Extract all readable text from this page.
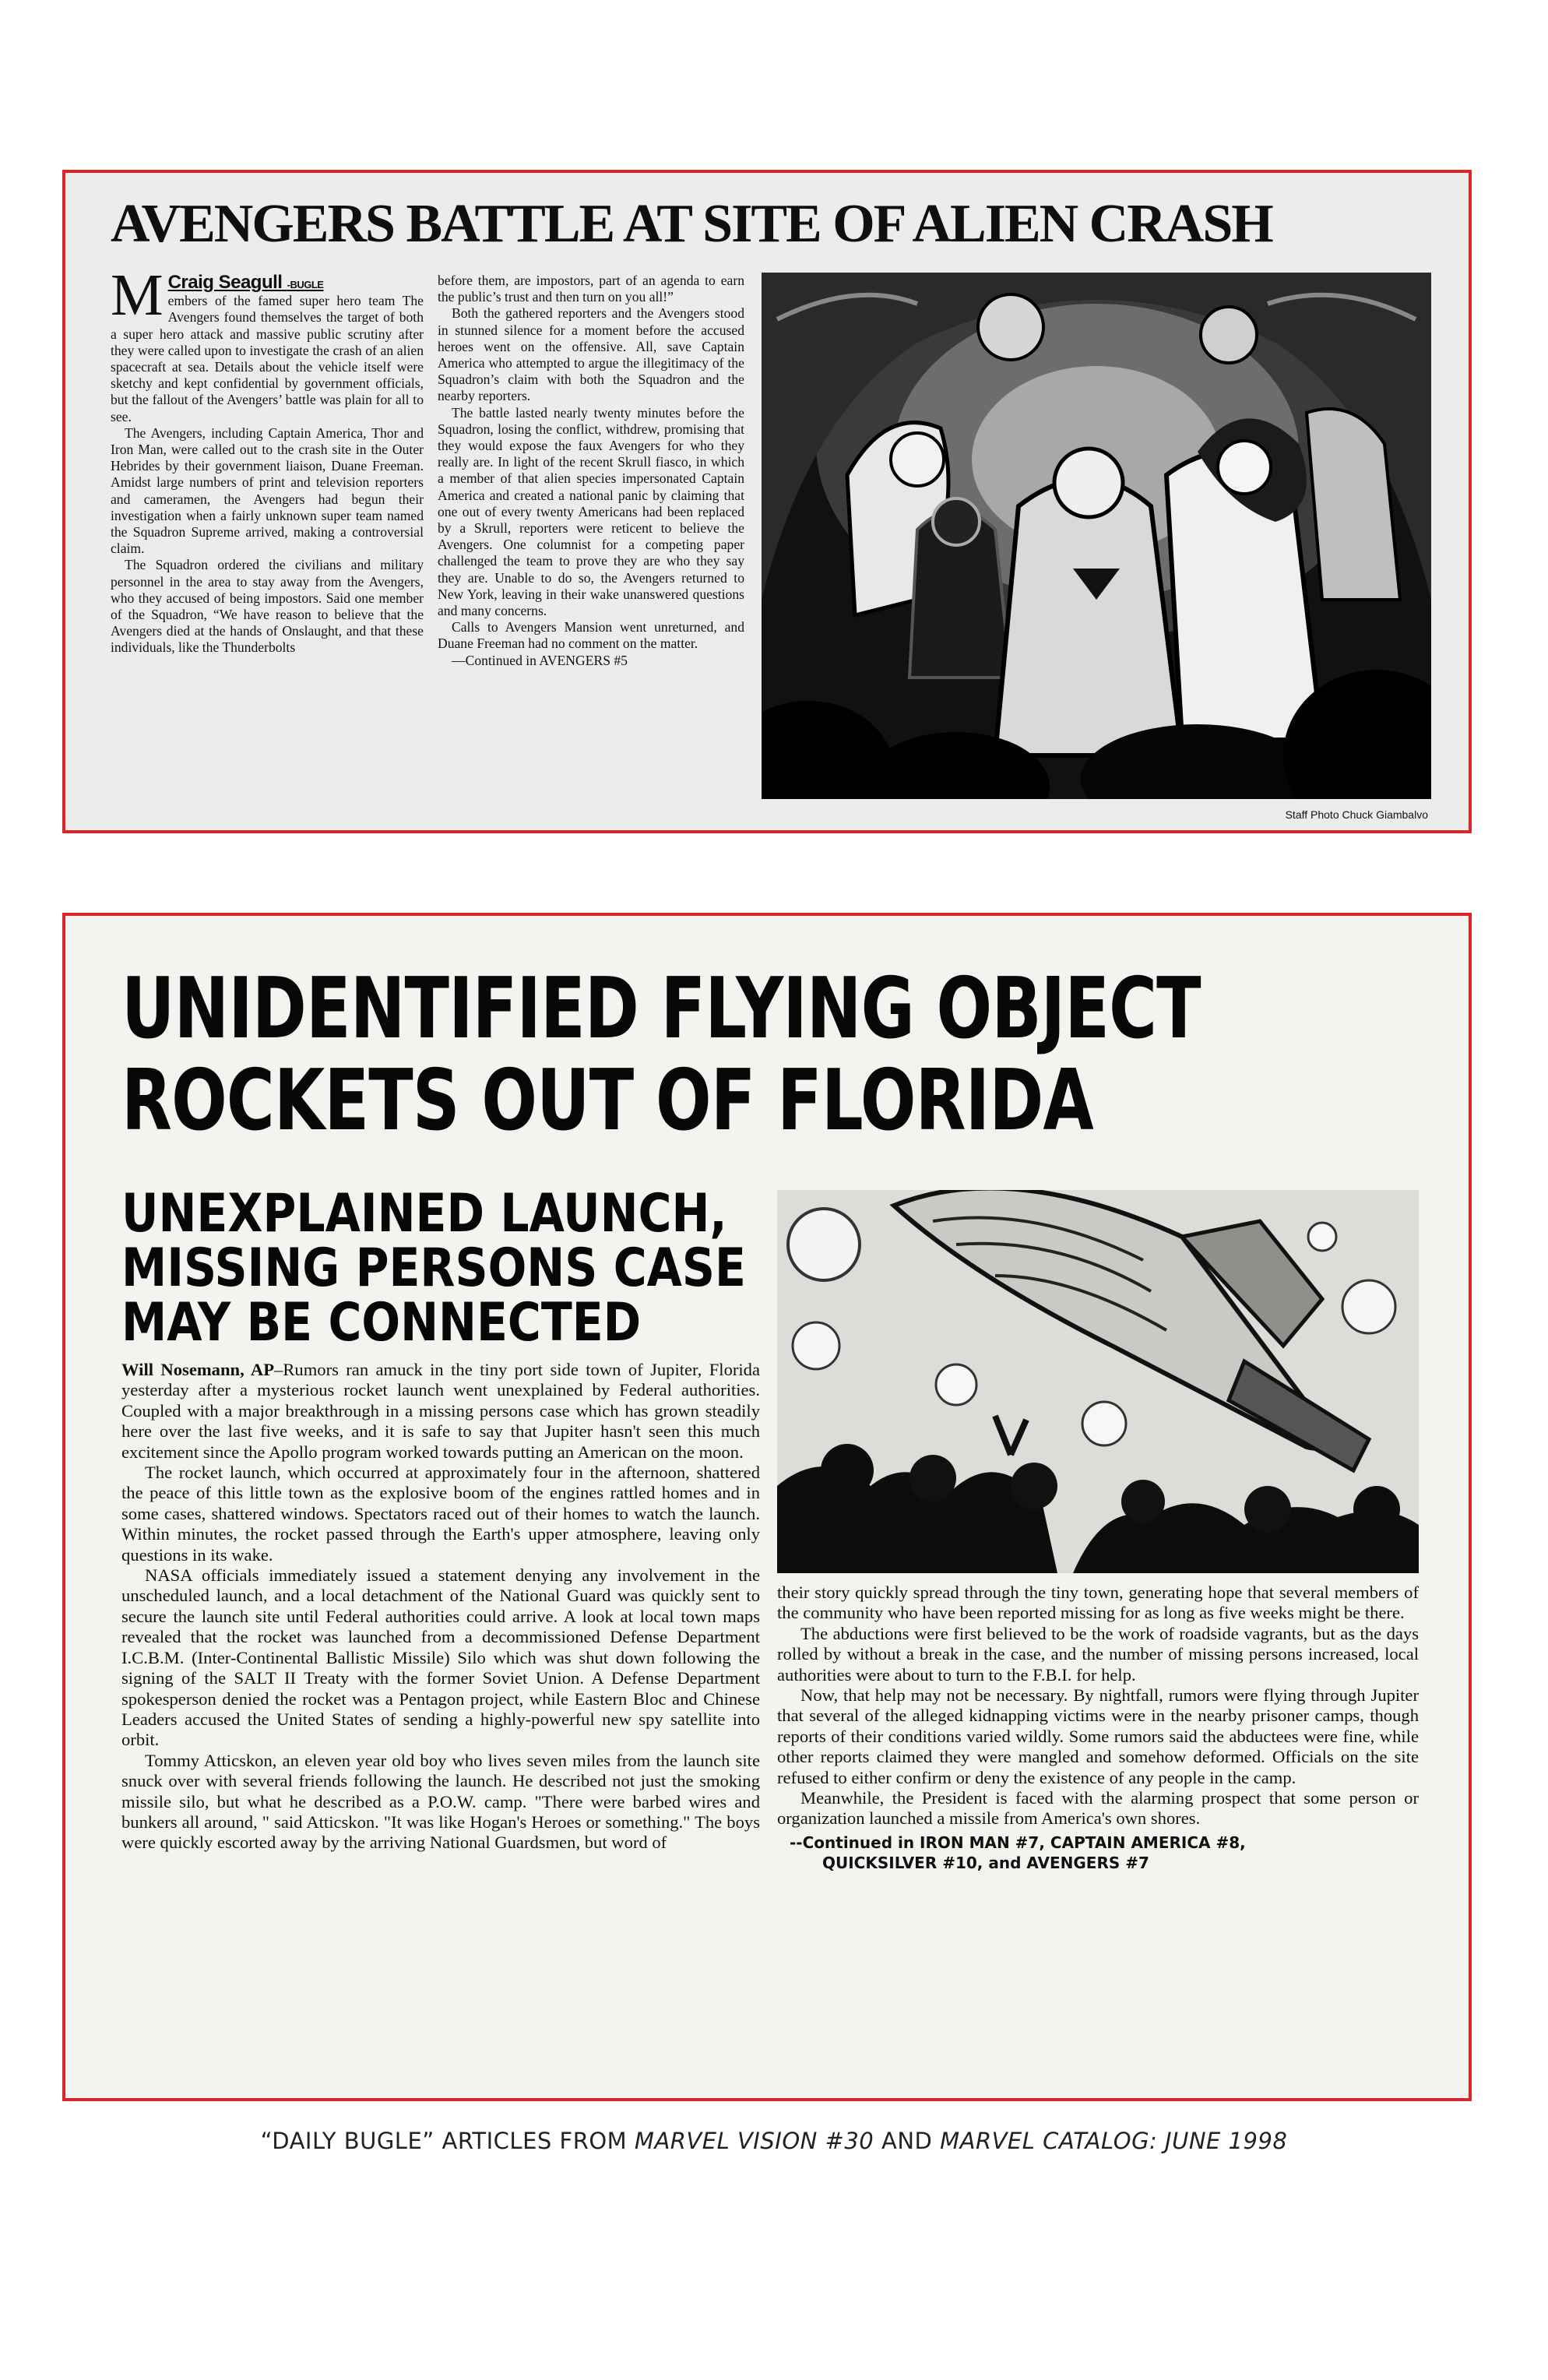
AVENGERS BATTLE AT SITE OF ALIEN CRASH

M Craig Seagull -BUGLE
embers of the famed super hero team The Avengers found themselves the target of both a super hero attack and massive public scrutiny after they were called upon to investigate the crash of an alien spacecraft at sea. Details about the vehicle itself were sketchy and kept confidential by government officials, but the fallout of the Avengers’ battle was plain for all to see.

The Avengers, including Captain America, Thor and Iron Man, were called out to the crash site in the Outer Hebrides by their government liaison, Duane Freeman. Amidst large numbers of print and television reporters and cameramen, the Avengers had begun their investigation when a fairly unknown super team named the Squadron Supreme arrived, making a controversial claim.

The Squadron ordered the civilians and military personnel in the area to stay away from the Avengers, who they accused of being impostors. Said one member of the Squadron, “We have reason to believe that the Avengers died at the hands of Onslaught, and that these individuals, like the Thunderbolts

before them, are impostors, part of an agenda to earn the public’s trust and then turn on you all!”

Both the gathered reporters and the Avengers stood in stunned silence for a moment before the accused heroes went on the offensive. All, save Captain America who attempted to argue the illegitimacy of the Squadron’s claim with both the Squadron and the nearby reporters.

The battle lasted nearly twenty minutes before the Squadron, losing the conflict, withdrew, promising that they would expose the faux Avengers for who they really are. In light of the recent Skrull fiasco, in which a member of that alien species impersonated Captain America and created a national panic by claiming that one out of every twenty Americans had been replaced by a Skrull, reporters were reticent to believe the Avengers. One columnist for a competing paper challenged the team to prove they are who they say they are. Unable to do so, the Avengers returned to New York, leaving in their wake unanswered questions and many concerns.

Calls to Avengers Mansion went unreturned, and Duane Freeman had no comment on the matter.

—Continued in AVENGERS #5

Staff Photo Chuck Giambalvo
UNIDENTIFIED FLYING OBJECT
ROCKETS OUT OF FLORIDA
UNEXPLAINED LAUNCH,
MISSING PERSONS CASE
MAY BE CONNECTED

Will Nosemann, AP–Rumors ran amuck in the tiny port side town of Jupiter, Florida yesterday after a mysterious rocket launch went unexplained by Federal authorities. Coupled with a major breakthrough in a missing persons case which has grown steadily here over the last five weeks, and it is safe to say that Jupiter hasn't seen this much excitement since the Apollo program worked towards putting an American on the moon.

The rocket launch, which occurred at approximately four in the afternoon, shattered the peace of this little town as the explosive boom of the engines rattled homes and in some cases, shattered windows. Spectators raced out of their homes to watch the launch. Within minutes, the rocket passed through the Earth's upper atmosphere, leaving only questions in its wake.

NASA officials immediately issued a statement denying any involvement in the unscheduled launch, and a local detachment of the National Guard was quickly sent to secure the launch site until Federal authorities could arrive. A look at local town maps revealed that the rocket was launched from a decommissioned Defense Department I.C.B.M. (Inter-Continental Ballistic Missile) Silo which was shut down following the signing of the SALT II Treaty with the former Soviet Union. A Defense Department spokesperson denied the rocket was a Pentagon project, while Eastern Bloc and Chinese Leaders accused the United States of sending a highly-powerful new spy satellite into orbit.

Tommy Atticskon, an eleven year old boy who lives seven miles from the launch site snuck over with several friends following the launch. He described not just the smoking missile silo, but what he described as a P.O.W. camp. "There were barbed wires and bunkers all around, " said Atticskon. "It was like Hogan's Heroes or something." The boys were quickly escorted away by the arriving National Guardsmen, but word of

their story quickly spread through the tiny town, generating hope that several members of the community who have been reported missing for as long as five weeks might be there.

The abductions were first believed to be the work of roadside vagrants, but as the days rolled by without a break in the case, and the number of missing persons increased, local authorities were about to turn to the F.B.I. for help.

Now, that help may not be necessary. By nightfall, rumors were flying through Jupiter that several of the alleged kidnapping victims were in the nearby prisoner camps, though reports of their conditions varied wildly. Some rumors said the abductees were fine, while other reports claimed they were mangled and somehow deformed. Officials on the site refused to either confirm or deny the existence of any people in the camp.

Meanwhile, the President is faced with the alarming prospect that some person or organization launched a missile from America's own shores.

--Continued in IRON MAN #7, CAPTAIN AMERICA #8,
QUICKSILVER #10, and AVENGERS #7
“DAILY BUGLE” ARTICLES FROM MARVEL VISION #30 AND MARVEL CATALOG: JUNE 1998
